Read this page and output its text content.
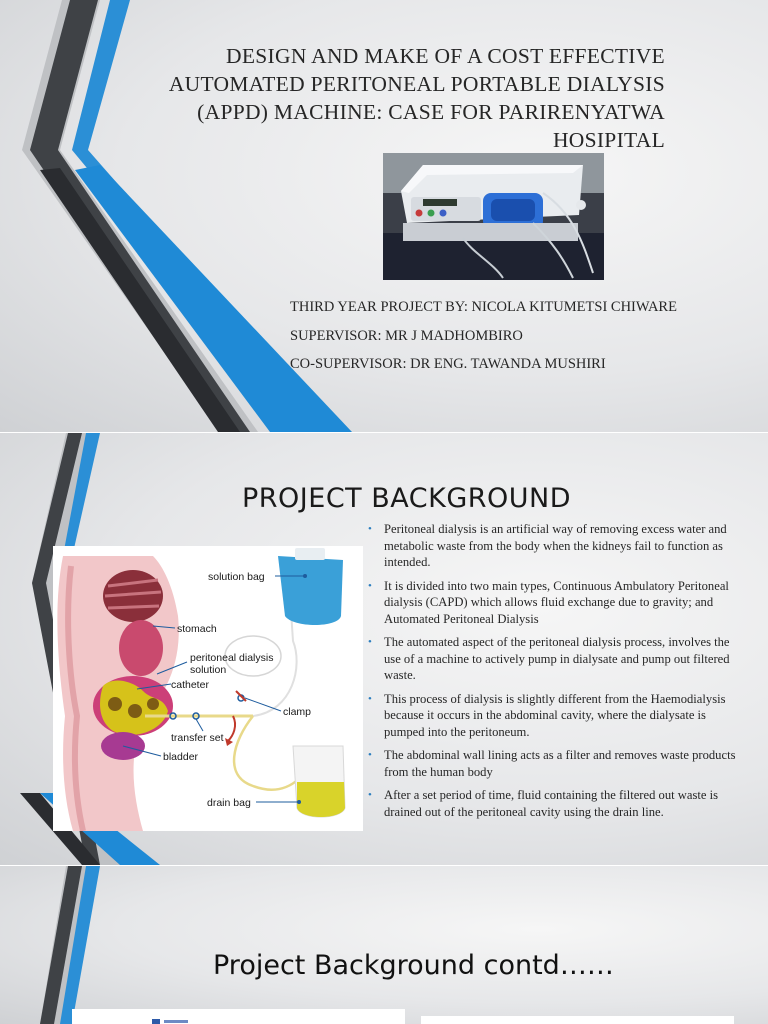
DESIGN AND MAKE OF A COST EFFECTIVE AUTOMATED PERITONEAL PORTABLE DIALYSIS (APPD) MACHINE: CASE FOR PARIRENYATWA HOSIPITAL
THIRD YEAR PROJECT BY: NICOLA KITUMETSI CHIWARE
SUPERVISOR: MR J MADHOMBIRO
CO-SUPERVISOR: DR ENG. TAWANDA MUSHIRI
PROJECT BACKGROUND
solution bag
stomach
peritoneal dialysis
solution
catheter
clamp
transfer set
bladder
drain bag
• Peritoneal dialysis is an artificial way of removing excess water and metabolic waste from the body when the kidneys fail to function as intended.
• It is divided into two main types, Continuous Ambulatory Peritoneal dialysis (CAPD) which allows fluid exchange due to gravity; and Automated Peritoneal Dialysis
• The automated aspect of the peritoneal dialysis process, involves the use of a machine to actively pump in dialysate and pump out filtered waste.
• This process of dialysis is slightly different from the Haemodialysis because it occurs in the abdominal cavity, where the dialysate is pumped into the peritoneum.
• The abdominal wall lining acts as a filter and removes waste products from the human body
• After a set period of time, fluid containing the filtered out waste is drained out of the peritoneal cavity using the drain line.
Project Background contd……
